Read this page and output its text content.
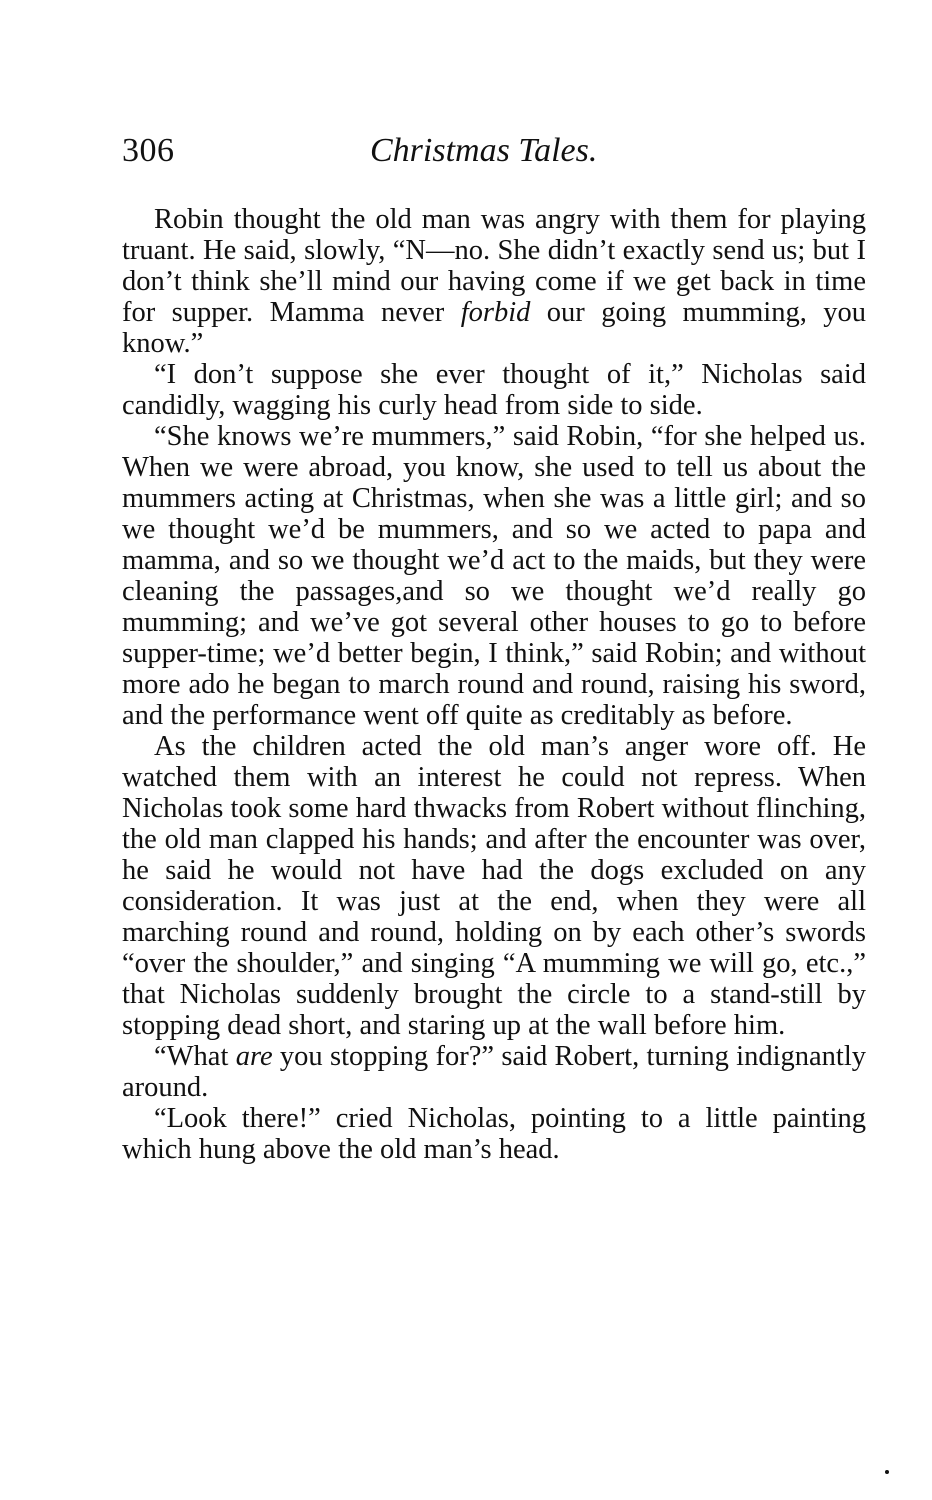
306	Christmas Tales.

Robin thought the old man was angry with them for playing truant. He said, slowly, “N—no. She didn’t exactly send us; but I don’t think she’ll mind our having come if we get back in time for supper. Mamma never forbid our going mumming, you know.”

“I don’t suppose she ever thought of it,” Nicholas said candidly, wagging his curly head from side to side.

“She knows we’re mummers,” said Robin, “for she helped us. When we were abroad, you know, she used to tell us about the mummers acting at Christmas, when she was a little girl; and so we thought we’d be mummers, and so we acted to papa and mamma, and so we thought we’d act to the maids, but they were cleaning the passages,and so we thought we’d really go mumming; and we’ve got several other houses to go to before supper-time; we’d better begin, I think,” said Robin; and without more ado he began to march round and round, raising his sword, and the performance went off quite as creditably as before.

As the children acted the old man’s anger wore off. He watched them with an interest he could not repress. When Nicholas took some hard thwacks from Robert without flinching, the old man clapped his hands; and after the encounter was over, he said he would not have had the dogs excluded on any consideration. It was just at the end, when they were all marching round and round, holding on by each other’s swords “over the shoulder,” and singing “A mumming we will go, etc.,” that Nicholas suddenly brought the circle to a stand-still by stopping dead short, and staring up at the wall before him.

“What are you stopping for?” said Robert, turning indignantly around.

“Look there!” cried Nicholas, pointing to a little painting which hung above the old man’s head.
